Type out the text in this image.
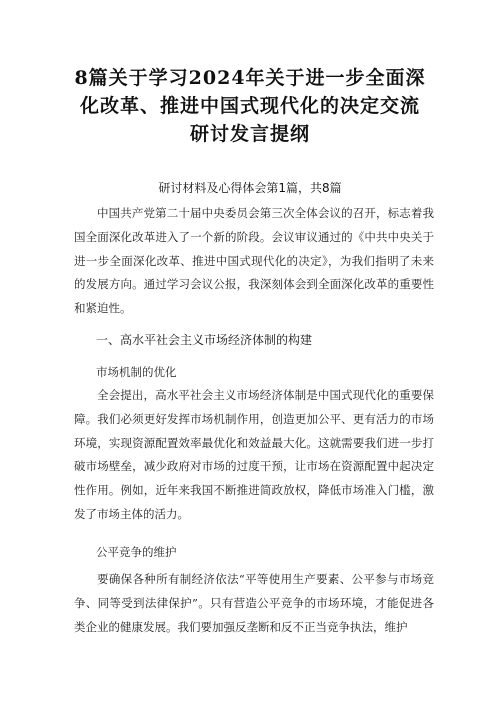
8篇关于学习2024年关于进一步全面深化改革、推进中国式现代化的决定交流研讨发言提纲
研讨材料及心得体会第1篇，共8篇

中国共产党第二十届中央委员会第三次全体会议的召开，标志着我国全面深化改革进入了一个新的阶段。会议审议通过的《中共中央关于进一步全面深化改革、推进中国式现代化的决定》，为我们指明了未来的发展方向。通过学习会议公报，我深刻体会到全面深化改革的重要性和紧迫性。

一、高水平社会主义市场经济体制的构建
市场机制的优化

全会提出，高水平社会主义市场经济体制是中国式现代化的重要保障。我们必须更好发挥市场机制作用，创造更加公平、更有活力的市场环境，实现资源配置效率最优化和效益最大化。这就需要我们进一步打破市场壁垒，减少政府对市场的过度干预，让市场在资源配置中起决定性作用。例如，近年来我国不断推进简政放权，降低市场准入门槛，激发了市场主体的活力。

公平竞争的维护

要确保各种所有制经济依法“平等使用生产要素、公平参与市场竞争、同等受到法律保护”。只有营造公平竞争的市场环境，才能促进各类企业的健康发展。我们要加强反垄断和反不正当竞争执法，维护
